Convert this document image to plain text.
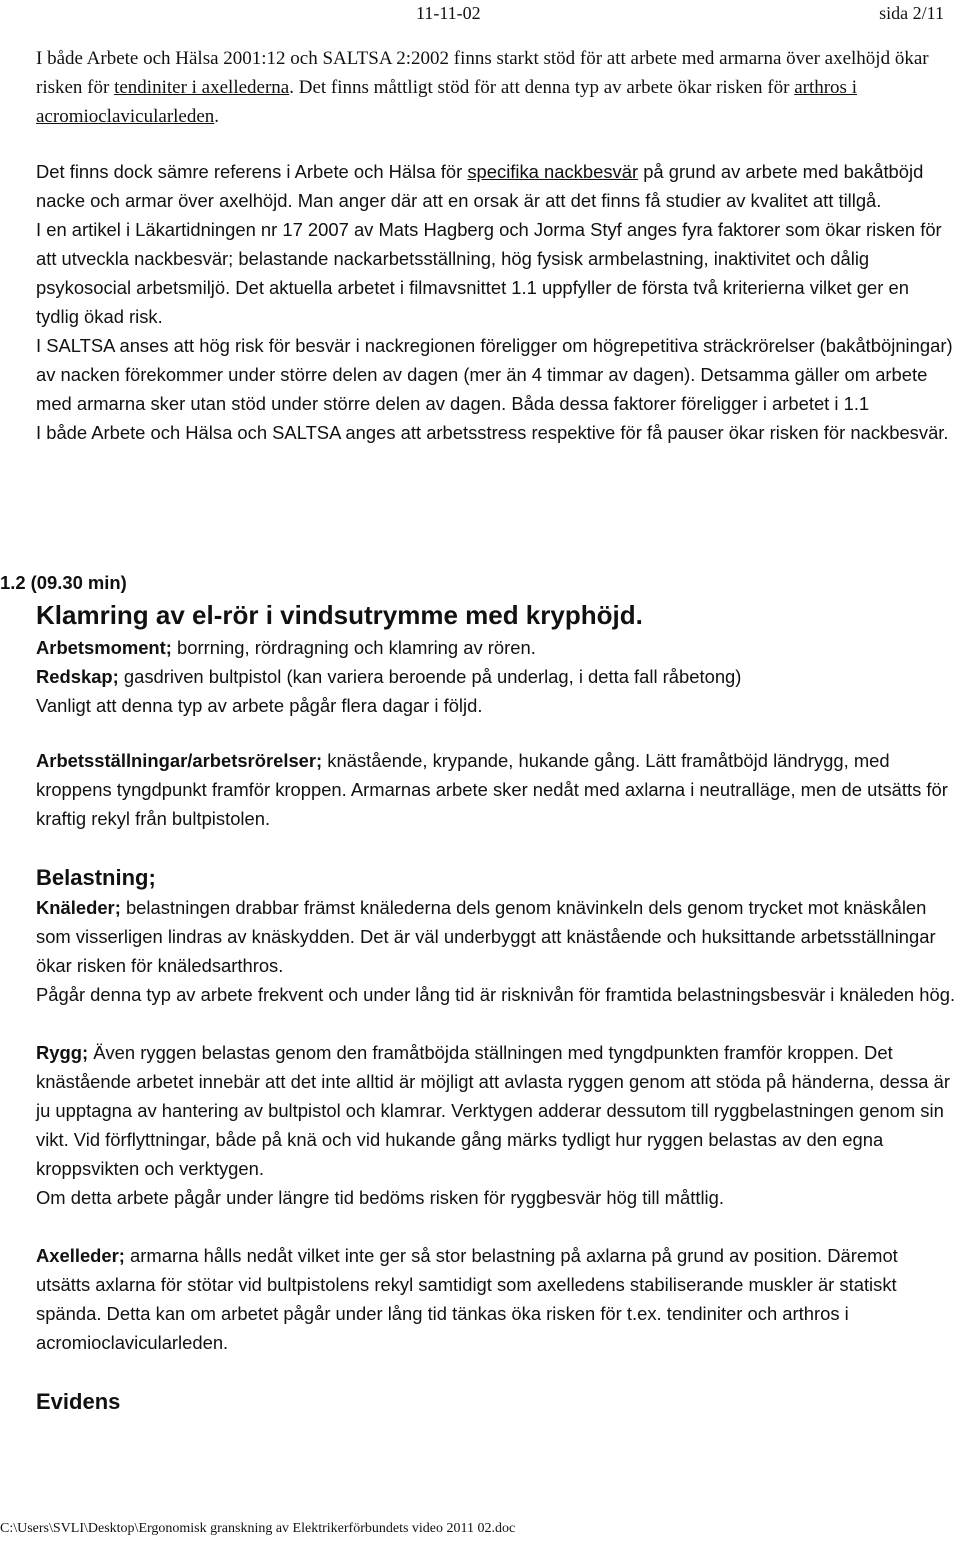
11-11-02	sida 2/11

I både Arbete och Hälsa 2001:12 och SALTSA 2:2002 finns starkt stöd för att arbete med armarna över axelhöjd ökar risken för tendiniter i axellederna. Det finns måttligt stöd för att denna typ av arbete ökar risken för arthros i acromioclavicularleden.

Det finns dock sämre referens i Arbete och Hälsa för specifika nackbesvär på grund av arbete med bakåtböjd nacke och armar över axelhöjd. Man anger där att en orsak är att det finns få studier av kvalitet att tillgå.

I en artikel i Läkartidningen nr 17 2007 av Mats Hagberg och Jorma Styf anges fyra faktorer som ökar risken för att utveckla nackbesvär; belastande nackarbetsställning, hög fysisk armbelastning, inaktivitet och dålig psykosocial arbetsmiljö. Det aktuella arbetet i filmavsnittet 1.1 uppfyller de första två kriterierna vilket ger en tydlig ökad risk.

I SALTSA anses att hög risk för besvär i nackregionen föreligger om högrepetitiva sträckrörelser (bakåtböjningar) av nacken förekommer under större delen av dagen (mer än 4 timmar av dagen). Detsamma gäller om arbete med armarna sker utan stöd under större delen av dagen. Båda dessa faktorer föreligger i arbetet i 1.1

I både Arbete och Hälsa och SALTSA anges att arbetsstress respektive för få pauser ökar risken för nackbesvär.

1.2 (09.30 min)
Klamring av el-rör i vindsutrymme med kryphöjd.

Arbetsmoment; borrning, rördragning och klamring av rören.

Redskap; gasdriven bultpistol (kan variera beroende på underlag, i detta fall råbetong)

Vanligt att denna typ av arbete pågår flera dagar i följd.

Arbetsställningar/arbetsrörelser; knästående, krypande, hukande gång. Lätt framåtböjd ländrygg, med kroppens tyngdpunkt framför kroppen. Armarnas arbete sker nedåt med axlarna i neutralläge, men de utsätts för kraftig rekyl från bultpistolen.

Belastning;

Knäleder; belastningen drabbar främst knälederna dels genom knävinkeln dels genom trycket mot knäskålen som visserligen lindras av knäskydden. Det är väl underbyggt att knästående och huksittande arbetsställningar ökar risken för knäledsarthros.

Pågår denna typ av arbete frekvent och under lång tid är risknivån för framtida belastningsbesvär i knäleden hög.

Rygg; Även ryggen belastas genom den framåtböjda ställningen med tyngdpunkten framför kroppen. Det knästående arbetet innebär att det inte alltid är möjligt att avlasta ryggen genom att stöda på händerna, dessa är ju upptagna av hantering av bultpistol och klamrar. Verktygen adderar dessutom till ryggbelastningen genom sin vikt. Vid förflyttningar, både på knä och vid hukande gång märks tydligt hur ryggen belastas av den egna kroppsvikten och verktygen.

Om detta arbete pågår under längre tid bedöms risken för ryggbesvär hög till måttlig.

Axelleder; armarna hålls nedåt vilket inte ger så stor belastning på axlarna på grund av position. Däremot utsätts axlarna för stötar vid bultpistolens rekyl samtidigt som axelledens stabiliserande muskler är statiskt spända. Detta kan om arbetet pågår under lång tid tänkas öka risken för t.ex. tendiniter och arthros i acromioclavicularleden.

Evidens
C:\Users\SVLI\Desktop\Ergonomisk granskning av Elektrikerförbundets video 2011 02.doc
